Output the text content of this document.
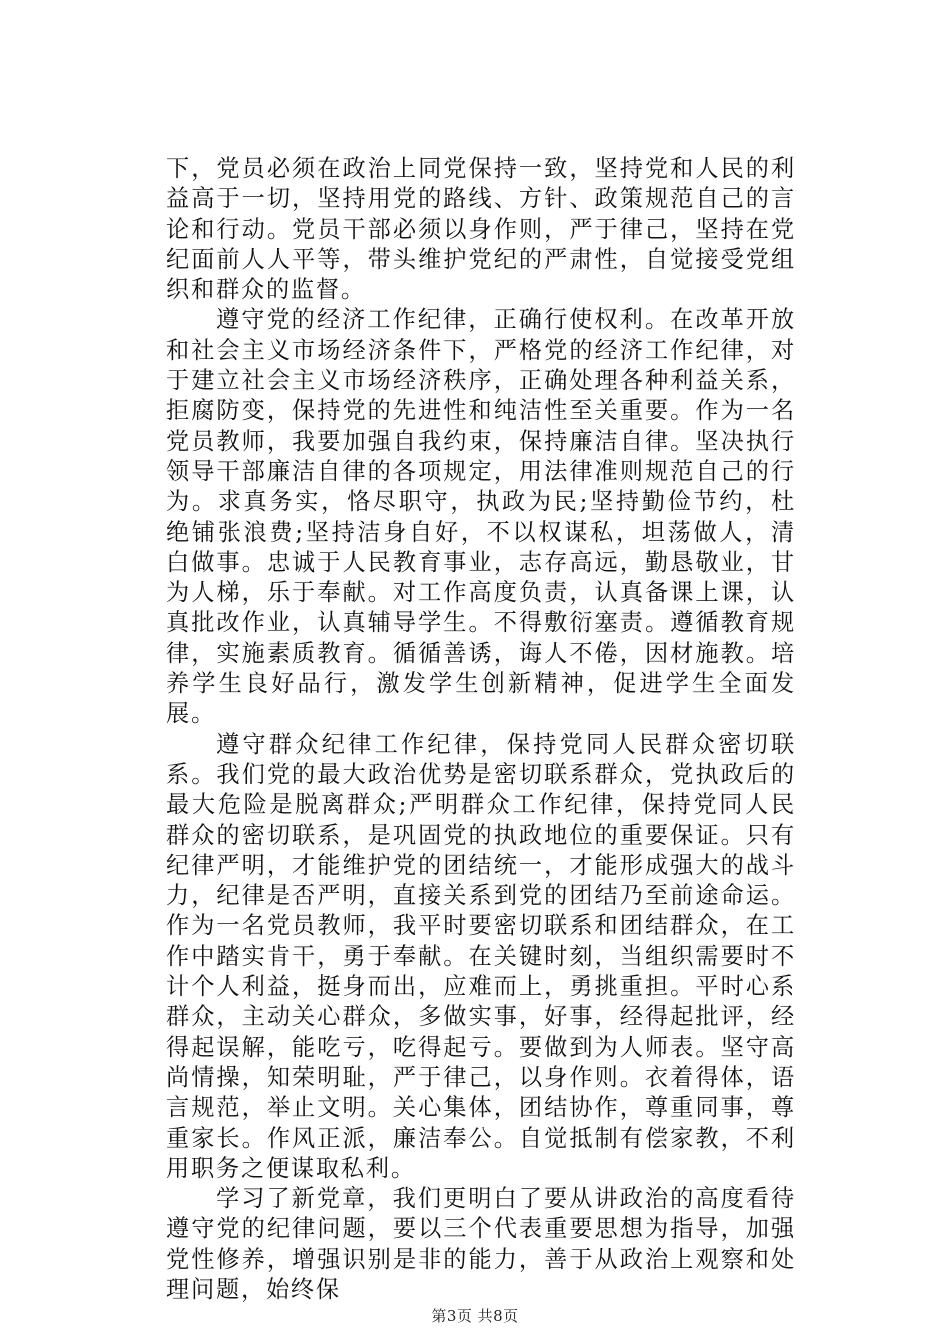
下，党员必须在政治上同党保持一致，坚持党和人民的利益高于一切，坚持用党的路线、方针、政策规范自己的言论和行动。党员干部必须以身作则，严于律己，坚持在党纪面前人人平等，带头维护党纪的严肃性，自觉接受党组织和群众的监督。

遵守党的经济工作纪律，正确行使权利。在改革开放和社会主义市场经济条件下，严格党的经济工作纪律，对于建立社会主义市场经济秩序，正确处理各种利益关系，拒腐防变，保持党的先进性和纯洁性至关重要。作为一名党员教师，我要加强自我约束，保持廉洁自律。坚决执行领导干部廉洁自律的各项规定，用法律准则规范自己的行为。求真务实，恪尽职守，执政为民;坚持勤俭节约，杜绝铺张浪费;坚持洁身自好，不以权谋私，坦荡做人，清白做事。忠诚于人民教育事业，志存高远，勤恳敬业，甘为人梯，乐于奉献。对工作高度负责，认真备课上课，认真批改作业，认真辅导学生。不得敷衍塞责。遵循教育规律，实施素质教育。循循善诱，诲人不倦，因材施教。培养学生良好品行，激发学生创新精神，促进学生全面发展。

遵守群众纪律工作纪律，保持党同人民群众密切联系。我们党的最大政治优势是密切联系群众，党执政后的最大危险是脱离群众;严明群众工作纪律，保持党同人民群众的密切联系，是巩固党的执政地位的重要保证。只有纪律严明，才能维护党的团结统一，才能形成强大的战斗力，纪律是否严明，直接关系到党的团结乃至前途命运。作为一名党员教师，我平时要密切联系和团结群众，在工作中踏实肯干，勇于奉献。在关键时刻，当组织需要时不计个人利益，挺身而出，应难而上，勇挑重担。平时心系群众，主动关心群众，多做实事，好事，经得起批评，经得起误解，能吃亏，吃得起亏。要做到为人师表。坚守高尚情操，知荣明耻，严于律己，以身作则。衣着得体，语言规范，举止文明。关心集体，团结协作，尊重同事，尊重家长。作风正派，廉洁奉公。自觉抵制有偿家教，不利用职务之便谋取私利。

学习了新党章，我们更明白了要从讲政治的高度看待遵守党的纪律问题，要以三个代表重要思想为指导，加强党性修养，增强识别是非的能力，善于从政治上观察和处理问题，始终保

第3页 共8页
